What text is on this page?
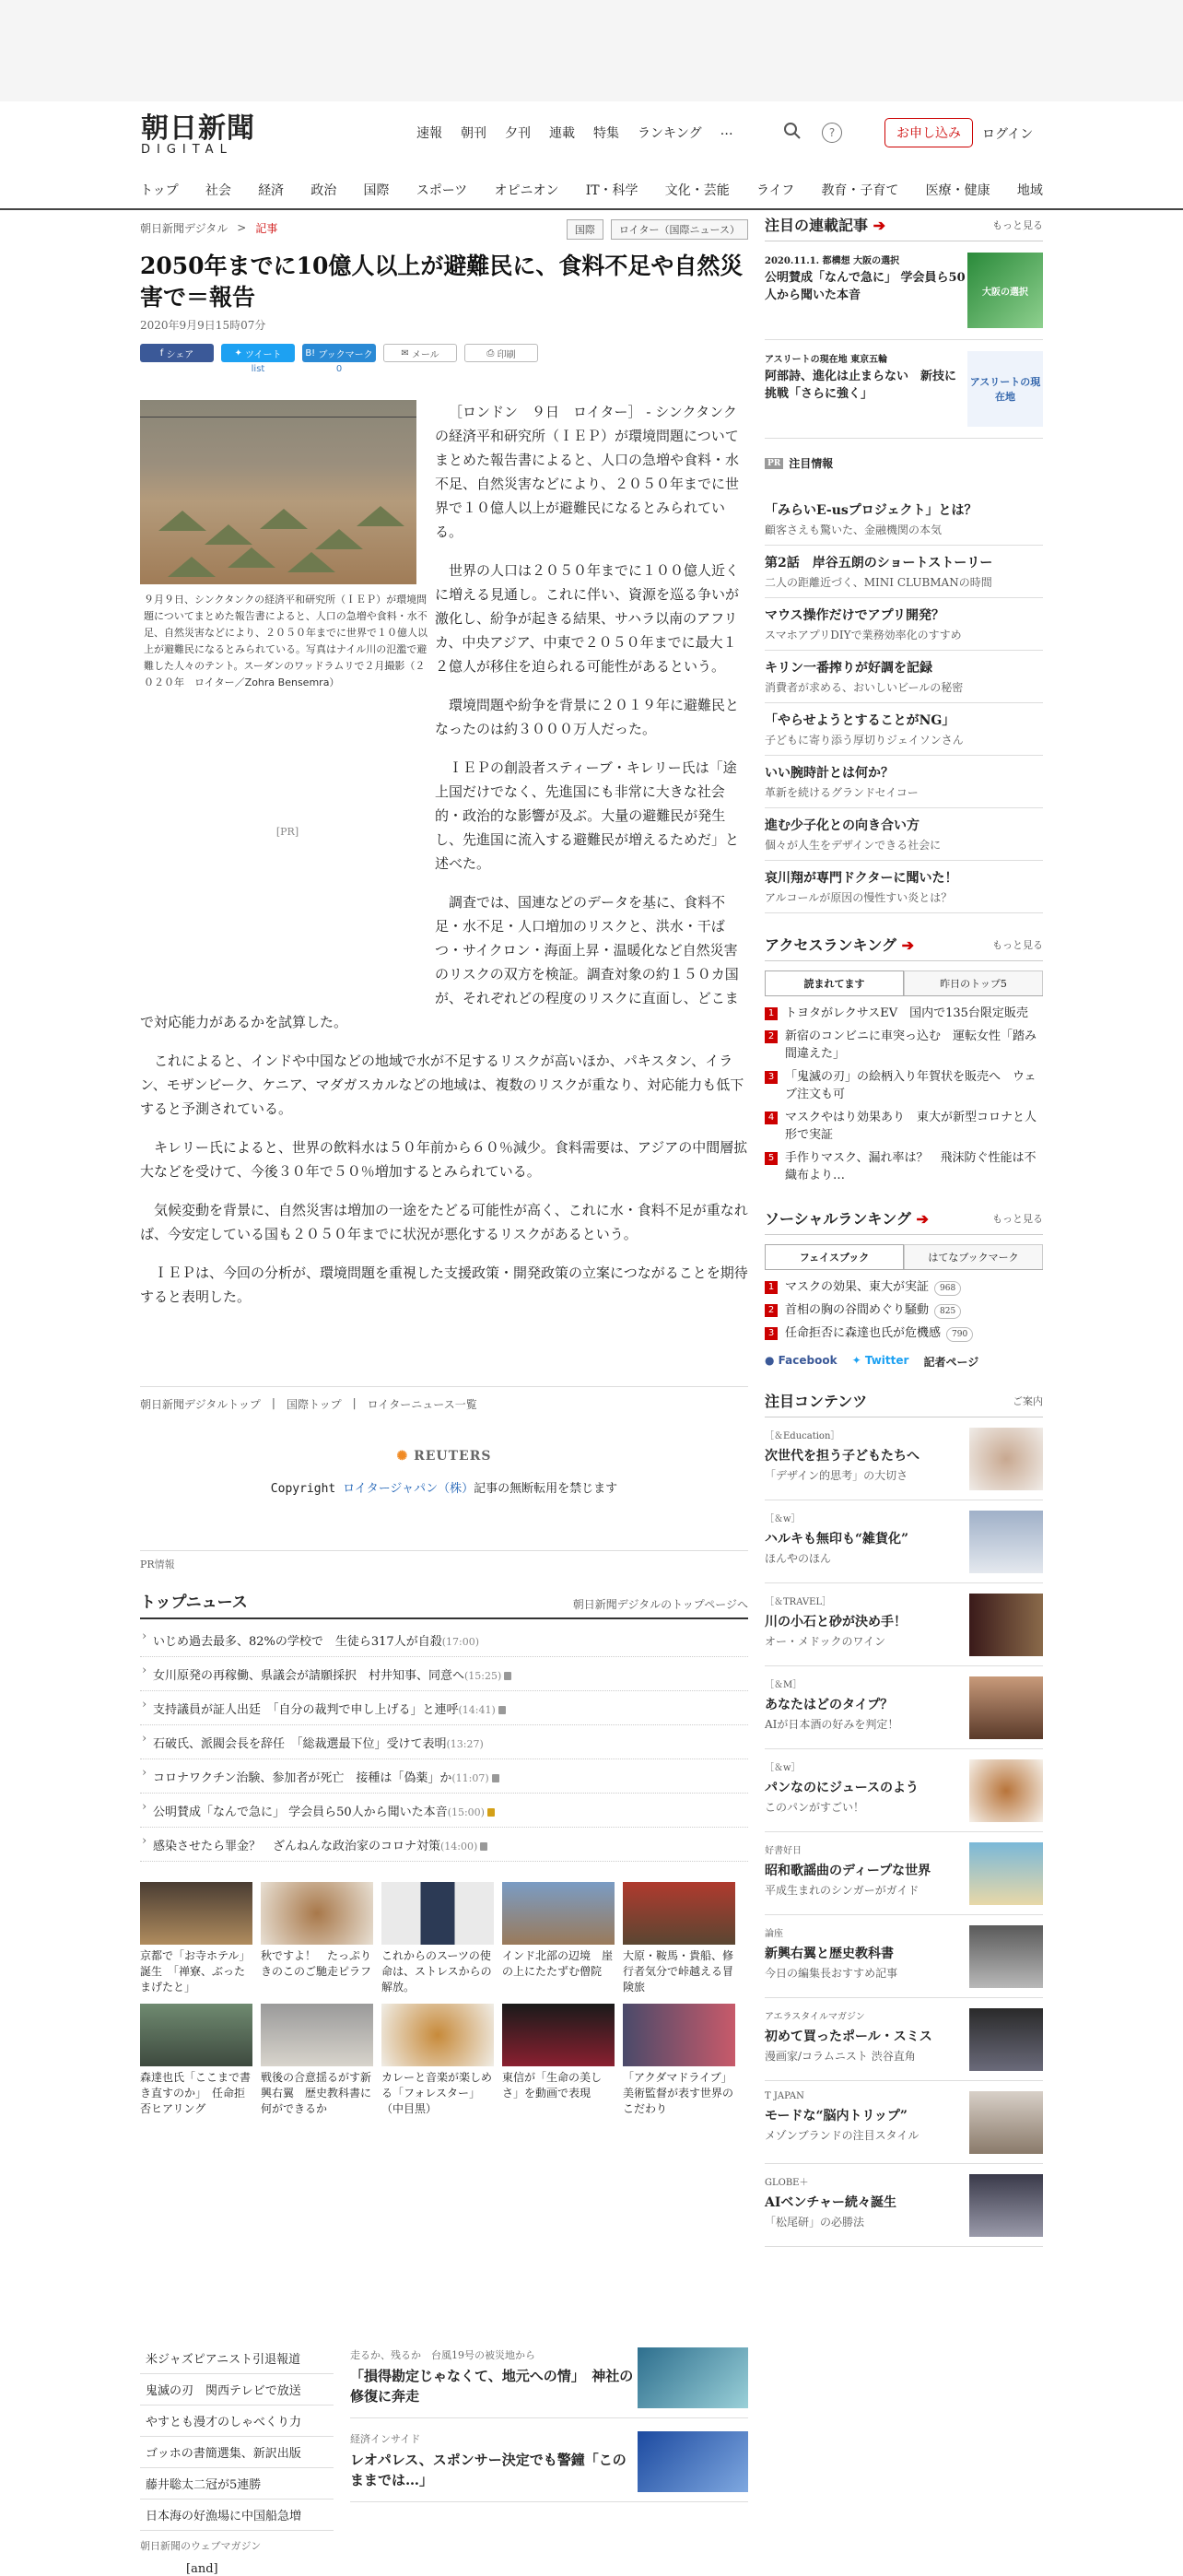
朝日新聞
DIGITAL
速報 朝刊 夕刊 連載 特集 ランキング …	?	お申し込み	ログイン
トップ 社会 経済 政治 国際 スポーツ オピニオン IT・科学 文化・芸能 ライフ 教育・子育て 医療・健康 地域
朝日新聞デジタル > 記事	国際	ロイター（国際ニュース）
2050年までに10億人以上が避難民に、食料不足や自然災害で＝報告
2020年9月9日15時07分
f シェア	✦ ツイート
list
B! ブックマーク
0
✉ メール	⎙ 印刷
９月９日、シンクタンクの経済平和研究所（ＩＥＰ）が環境問題についてまとめた報告書によると、人口の急増や食料・水不足、自然災害などにより、２０５０年までに世界で１０億人以上が避難民になるとみられている。写真はナイル川の氾濫で避難した人々のテント。スーダンのワッドラムリで２月撮影（２０２０年　ロイター／Zohra Bensemra）
[PR]

［ロンドン　９日　ロイター］ - シンクタンクの経済平和研究所（ＩＥＰ）が環境問題についてまとめた報告書によると、人口の急増や食料・水不足、自然災害などにより、２０５０年までに世界で１０億人以上が避難民になるとみられている。

世界の人口は２０５０年までに１００億人近くに増える見通し。これに伴い、資源を巡る争いが激化し、紛争が起きる結果、サハラ以南のアフリカ、中央アジア、中東で２０５０年までに最大１２億人が移住を迫られる可能性があるという。

環境問題や紛争を背景に２０１９年に避難民となったのは約３０００万人だった。

ＩＥＰの創設者スティーブ・キレリー氏は「途上国だけでなく、先進国にも非常に大きな社会的・政治的な影響が及ぶ。大量の避難民が発生し、先進国に流入する避難民が増えるためだ」と述べた。

調査では、国連などのデータを基に、食料不足・水不足・人口増加のリスクと、洪水・干ばつ・サイクロン・海面上昇・温暖化など自然災害のリスクの双方を検証。調査対象の約１５０カ国が、それぞれどの程度のリスクに直面し、どこまで対応能力があるかを試算した。

これによると、インドや中国などの地域で水が不足するリスクが高いほか、パキスタン、イラン、モザンビーク、ケニア、マダガスカルなどの地域は、複数のリスクが重なり、対応能力も低下すると予測されている。

キレリー氏によると、世界の飲料水は５０年前から６０％減少。食料需要は、アジアの中間層拡大などを受けて、今後３０年で５０％増加するとみられている。

気候変動を背景に、自然災害は増加の一途をたどる可能性が高く、これに水・食料不足が重なれば、今安定している国も２０５０年までに状況が悪化するリスクがあるという。

ＩＥＰは、今回の分析が、環境問題を重視した支援政策・開発政策の立案につながることを期待すると表明した。

朝日新聞デジタルトップ | 国際トップ | ロイターニュース一覧
✺ REUTERS
Copyright ロイタージャパン（株）記事の無断転用を禁じます
PR情報
トップニュース	朝日新聞デジタルのトップページへ
› いじめ過去最多、82%の学校で　生徒ら317人が自殺(17:00)
› 女川原発の再稼働、県議会が請願採択　村井知事、同意へ(15:25)
› 支持議員が証人出廷　「自分の裁判で申し上げる」と連呼(14:41)
› 石破氏、派閥会長を辞任　「総裁選最下位」受けて表明(13:27)
› コロナワクチン治験、参加者が死亡　接種は「偽薬」か(11:07)
› 公明賛成「なんで急に」 学会員ら50人から聞いた本音(15:00)
› 感染させたら罪金？　ざんねんな政治家のコロナ対策(14:00)
京都で「お寺ホテル」誕生　「禅寮、ぶったまげたと」
秋ですよ！　たっぷりきのこのご馳走ピラフ
これからのスーツの使命は、ストレスからの解放。
インド北部の辺境　崖の上にたたずむ僧院
大原・鞍馬・貴船、修行者気分で峠越える冒険旅
森達也氏「ここまで書き直すのか」　任命拒否ヒアリング
戦後の合意揺るがす新興右翼　歴史教科書に何ができるか
カレーと音楽が楽しめる「フォレスター」（中目黒）
東信が「生命の美しさ」を動画で表現
「アクダマドライブ」美術監督が表す世界のこだわり
米ジャズピアニスト引退報道
鬼滅の刃　関西テレビで放送
やすとも漫才のしゃべくり力
ゴッホの書簡選集、新訳出版
藤井聡太二冠が5連勝
日本海の好漁場に中国船急増
走るか、残るか　台風19号の被災地から
「損得勘定じゃなくて、地元への情」　神社の修復に奔走
経済インサイド
レオパレス、スポンサー決定でも警鐘「このままでは…」
朝日新聞のウェブマガジン
[and]
注目の連載記事 ➔	もっと見る
2020.11.1. 都構想 大阪の選択
公明賛成「なんで急に」 学会員ら50人から聞いた本音	大阪の選択
アスリートの現在地 東京五輪
阿部詩、進化は止まらない　新技に挑戦「さらに強く」
アスリートの現在地
PR 注目情報
「みらいE-usプロジェクト」とは？
顧客さえも驚いた、金融機関の本気
第2話　岸谷五朗のショートストーリー
二人の距離近づく、MINI CLUBMANの時間
マウス操作だけでアプリ開発？
スマホアプリDIYで業務効率化のすすめ
キリン一番搾りが好調を記録
消費者が求める、おいしいビールの秘密
「やらせようとすることがNG」
子どもに寄り添う厚切りジェイソンさん
いい腕時計とは何か？
革新を続けるグランドセイコー
進む少子化との向き合い方
個々が人生をデザインできる社会に
哀川翔が専門ドクターに聞いた！
アルコールが原因の慢性すい炎とは？
アクセスランキング ➔	もっと見る
読まれてます	昨日のトップ5
1 トヨタがレクサスEV　国内で135台限定販売
2 新宿のコンビニに車突っ込む　運転女性「踏み間違えた」
3 「鬼滅の刃」の絵柄入り年賀状を販売へ　ウェブ注文も可
4 マスクやはり効果あり　東大が新型コロナと人形で実証
5 手作りマスク、漏れ率は？　飛沫防ぐ性能は不織布より…
ソーシャルランキング ➔	もっと見る
フェイスブック	はてなブックマーク
1 マスクの効果、東大が実証 968
2 首相の胸の谷間めぐり騒動 825
3 任命拒否に森達也氏が危機感 790
● Facebook ✦ Twitter 記者ページ
注目コンテンツ	ご案内
［＆Education］
次世代を担う子どもたちへ
「デザイン的思考」の大切さ
［＆w］
ハルキも無印も“雑貨化”
ほんやのほん
［＆TRAVEL］
川の小石と砂が決め手！
オー・メドックのワイン
［＆M］
あなたはどのタイプ？
AIが日本酒の好みを判定！
［＆w］
パンなのにジュースのよう
このパンがすごい！
好書好日
昭和歌謡曲のディープな世界
平成生まれのシンガーがガイド
論座
新興右翼と歴史教科書
今日の編集長おすすめ記事
アエラスタイルマガジン
初めて買ったポール・スミス
漫画家/コラムニスト 渋谷直角
T JAPAN
モードな“脳内トリップ”
メゾンブランドの注目スタイル
GLOBE＋
AIベンチャー続々誕生
「松尾研」の必勝法
